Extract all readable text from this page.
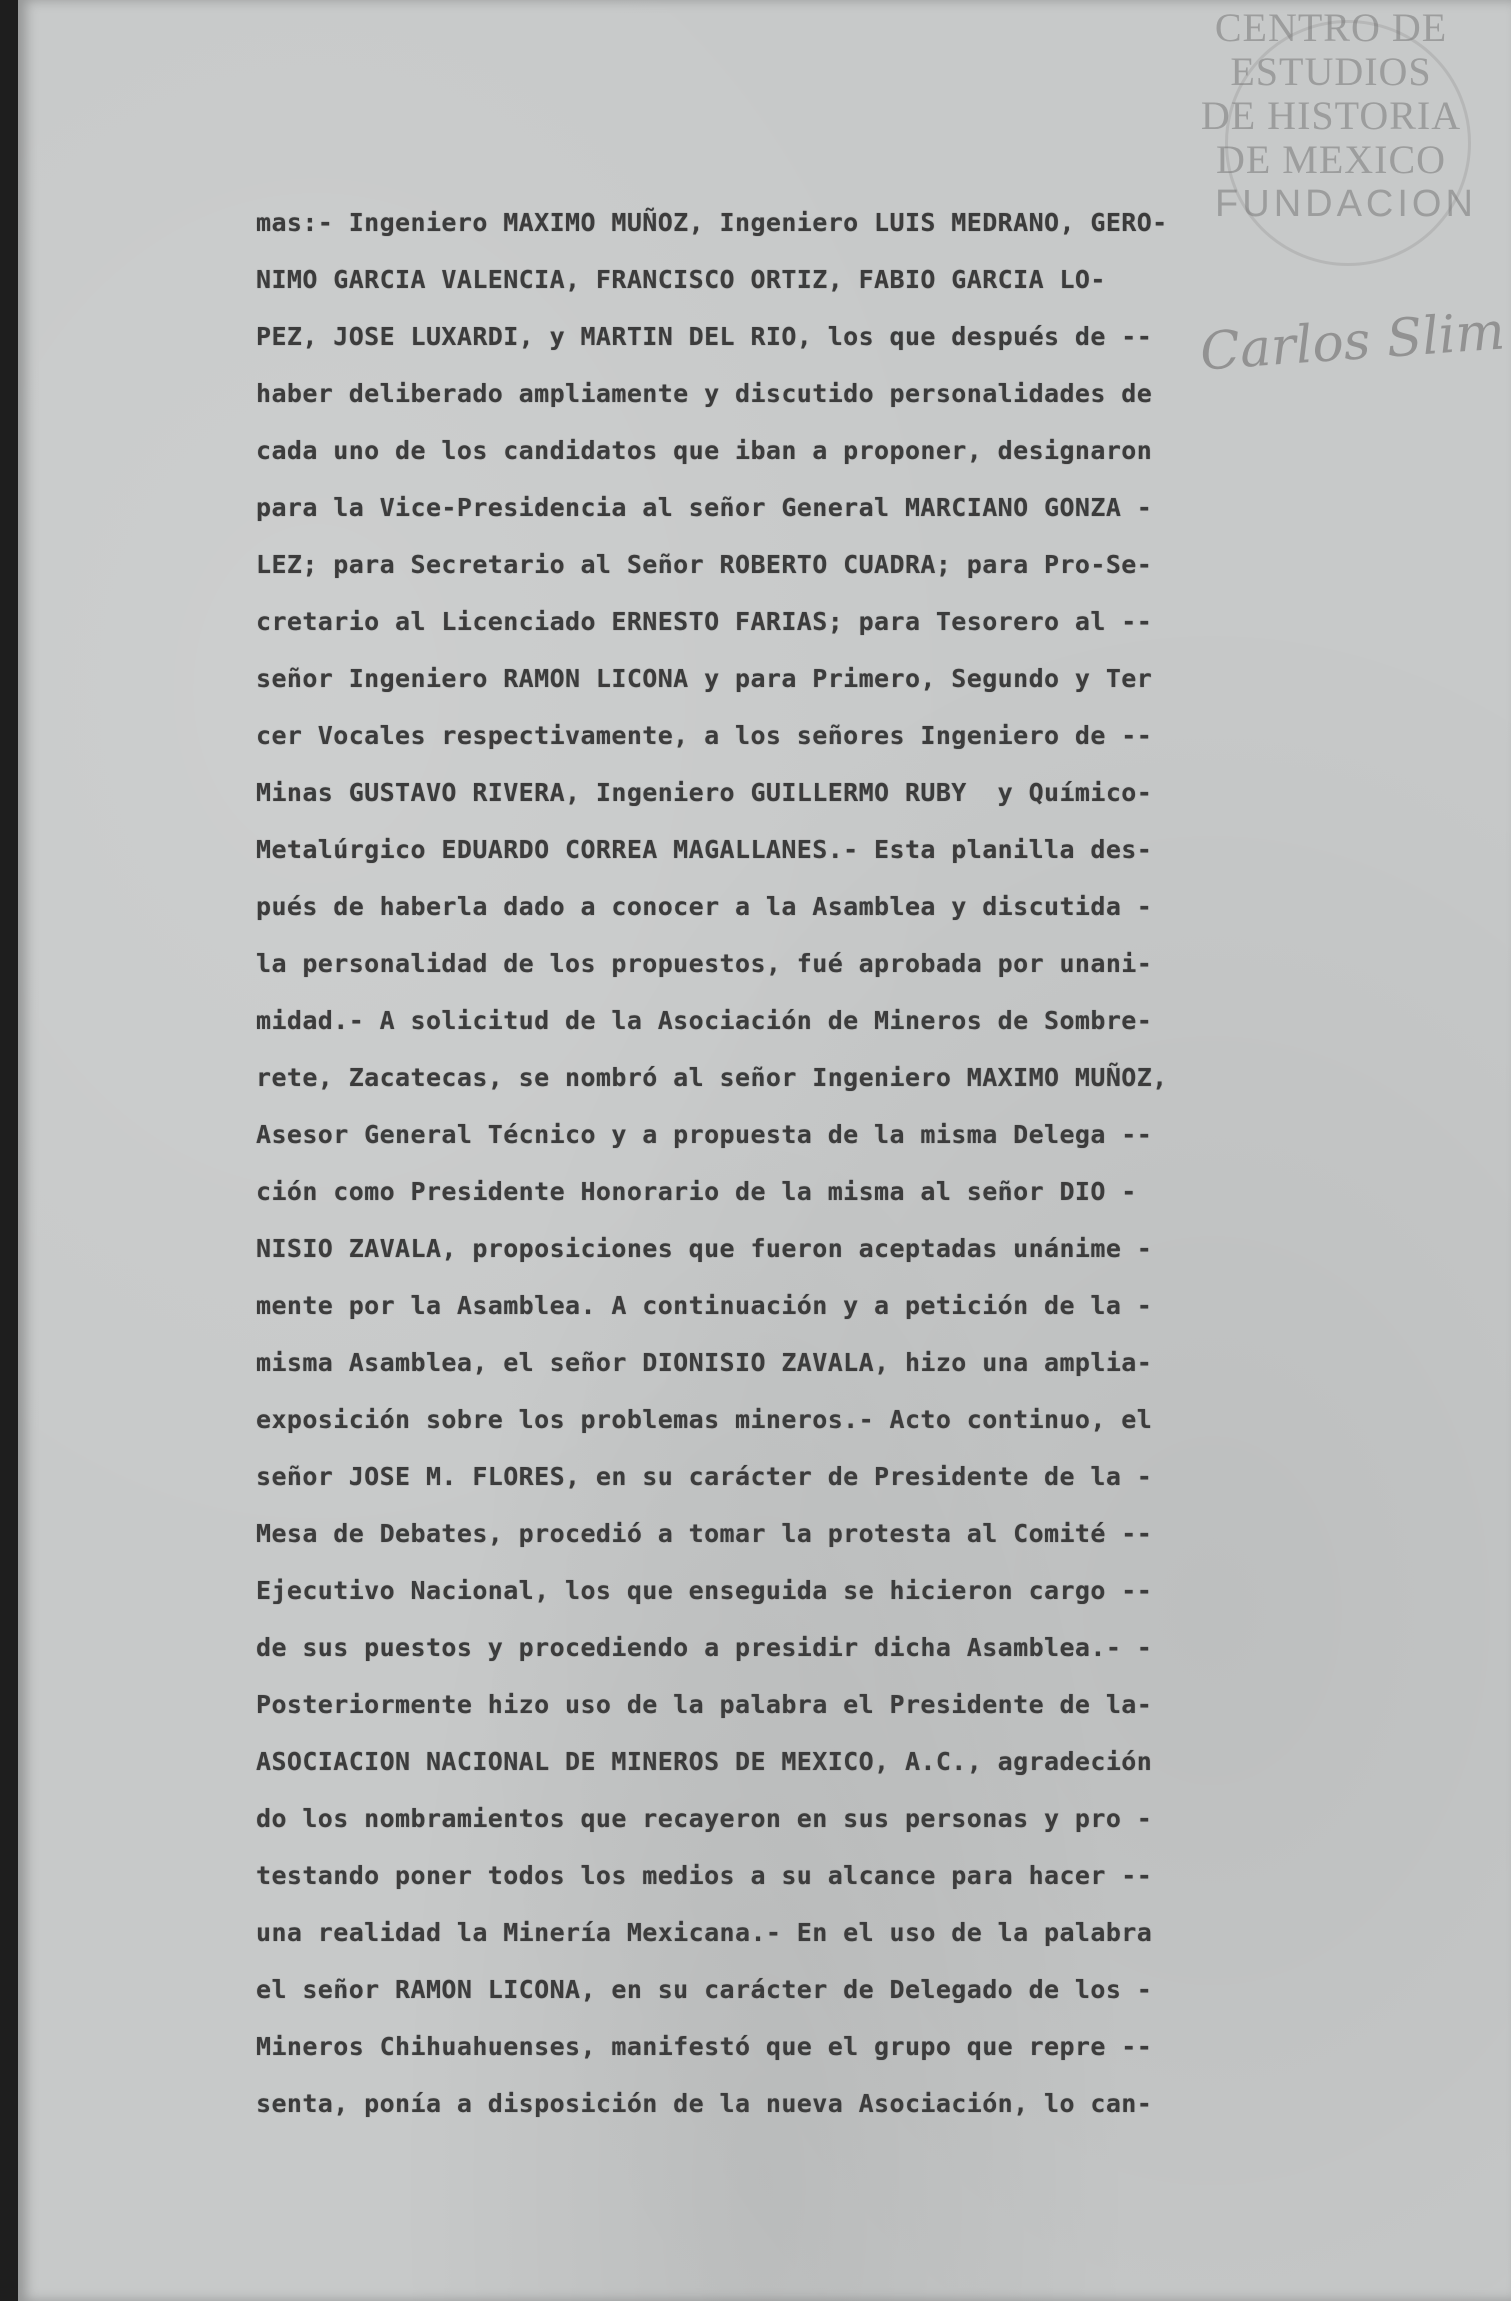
CENTRO DE
ESTUDIOS
DE HISTORIA
DE MEXICO
FUNDACION
Carlos Slim
mas:- Ingeniero MAXIMO MUÑOZ, Ingeniero LUIS MEDRANO, GERO-
NIMO GARCIA VALENCIA, FRANCISCO ORTIZ, FABIO GARCIA LO-
PEZ, JOSE LUXARDI, y MARTIN DEL RIO, los que después de --
haber deliberado ampliamente y discutido personalidades de
cada uno de los candidatos que iban a proponer, designaron
para la Vice-Presidencia al señor General MARCIANO GONZA -
LEZ; para Secretario al Señor ROBERTO CUADRA; para Pro-Se-
cretario al Licenciado ERNESTO FARIAS; para Tesorero al --
señor Ingeniero RAMON LICONA y para Primero, Segundo y Ter
cer Vocales respectivamente, a los señores Ingeniero de --
Minas GUSTAVO RIVERA, Ingeniero GUILLERMO RUBY  y Químico-
Metalúrgico EDUARDO CORREA MAGALLANES.- Esta planilla des-
pués de haberla dado a conocer a la Asamblea y discutida -
la personalidad de los propuestos, fué aprobada por unani-
midad.- A solicitud de la Asociación de Mineros de Sombre-
rete, Zacatecas, se nombró al señor Ingeniero MAXIMO MUÑOZ,
Asesor General Técnico y a propuesta de la misma Delega --
ción como Presidente Honorario de la misma al señor DIO -
NISIO ZAVALA, proposiciones que fueron aceptadas unánime -
mente por la Asamblea. A continuación y a petición de la -
misma Asamblea, el señor DIONISIO ZAVALA, hizo una amplia-
exposición sobre los problemas mineros.- Acto continuo, el
señor JOSE M. FLORES, en su carácter de Presidente de la -
Mesa de Debates, procedió a tomar la protesta al Comité --
Ejecutivo Nacional, los que enseguida se hicieron cargo --
de sus puestos y procediendo a presidir dicha Asamblea.- -
Posteriormente hizo uso de la palabra el Presidente de la-
ASOCIACION NACIONAL DE MINEROS DE MEXICO, A.C., agradeción
do los nombramientos que recayeron en sus personas y pro -
testando poner todos los medios a su alcance para hacer --
una realidad la Minería Mexicana.- En el uso de la palabra
el señor RAMON LICONA, en su carácter de Delegado de los -
Mineros Chihuahuenses, manifestó que el grupo que repre --
senta, ponía a disposición de la nueva Asociación, lo can-
